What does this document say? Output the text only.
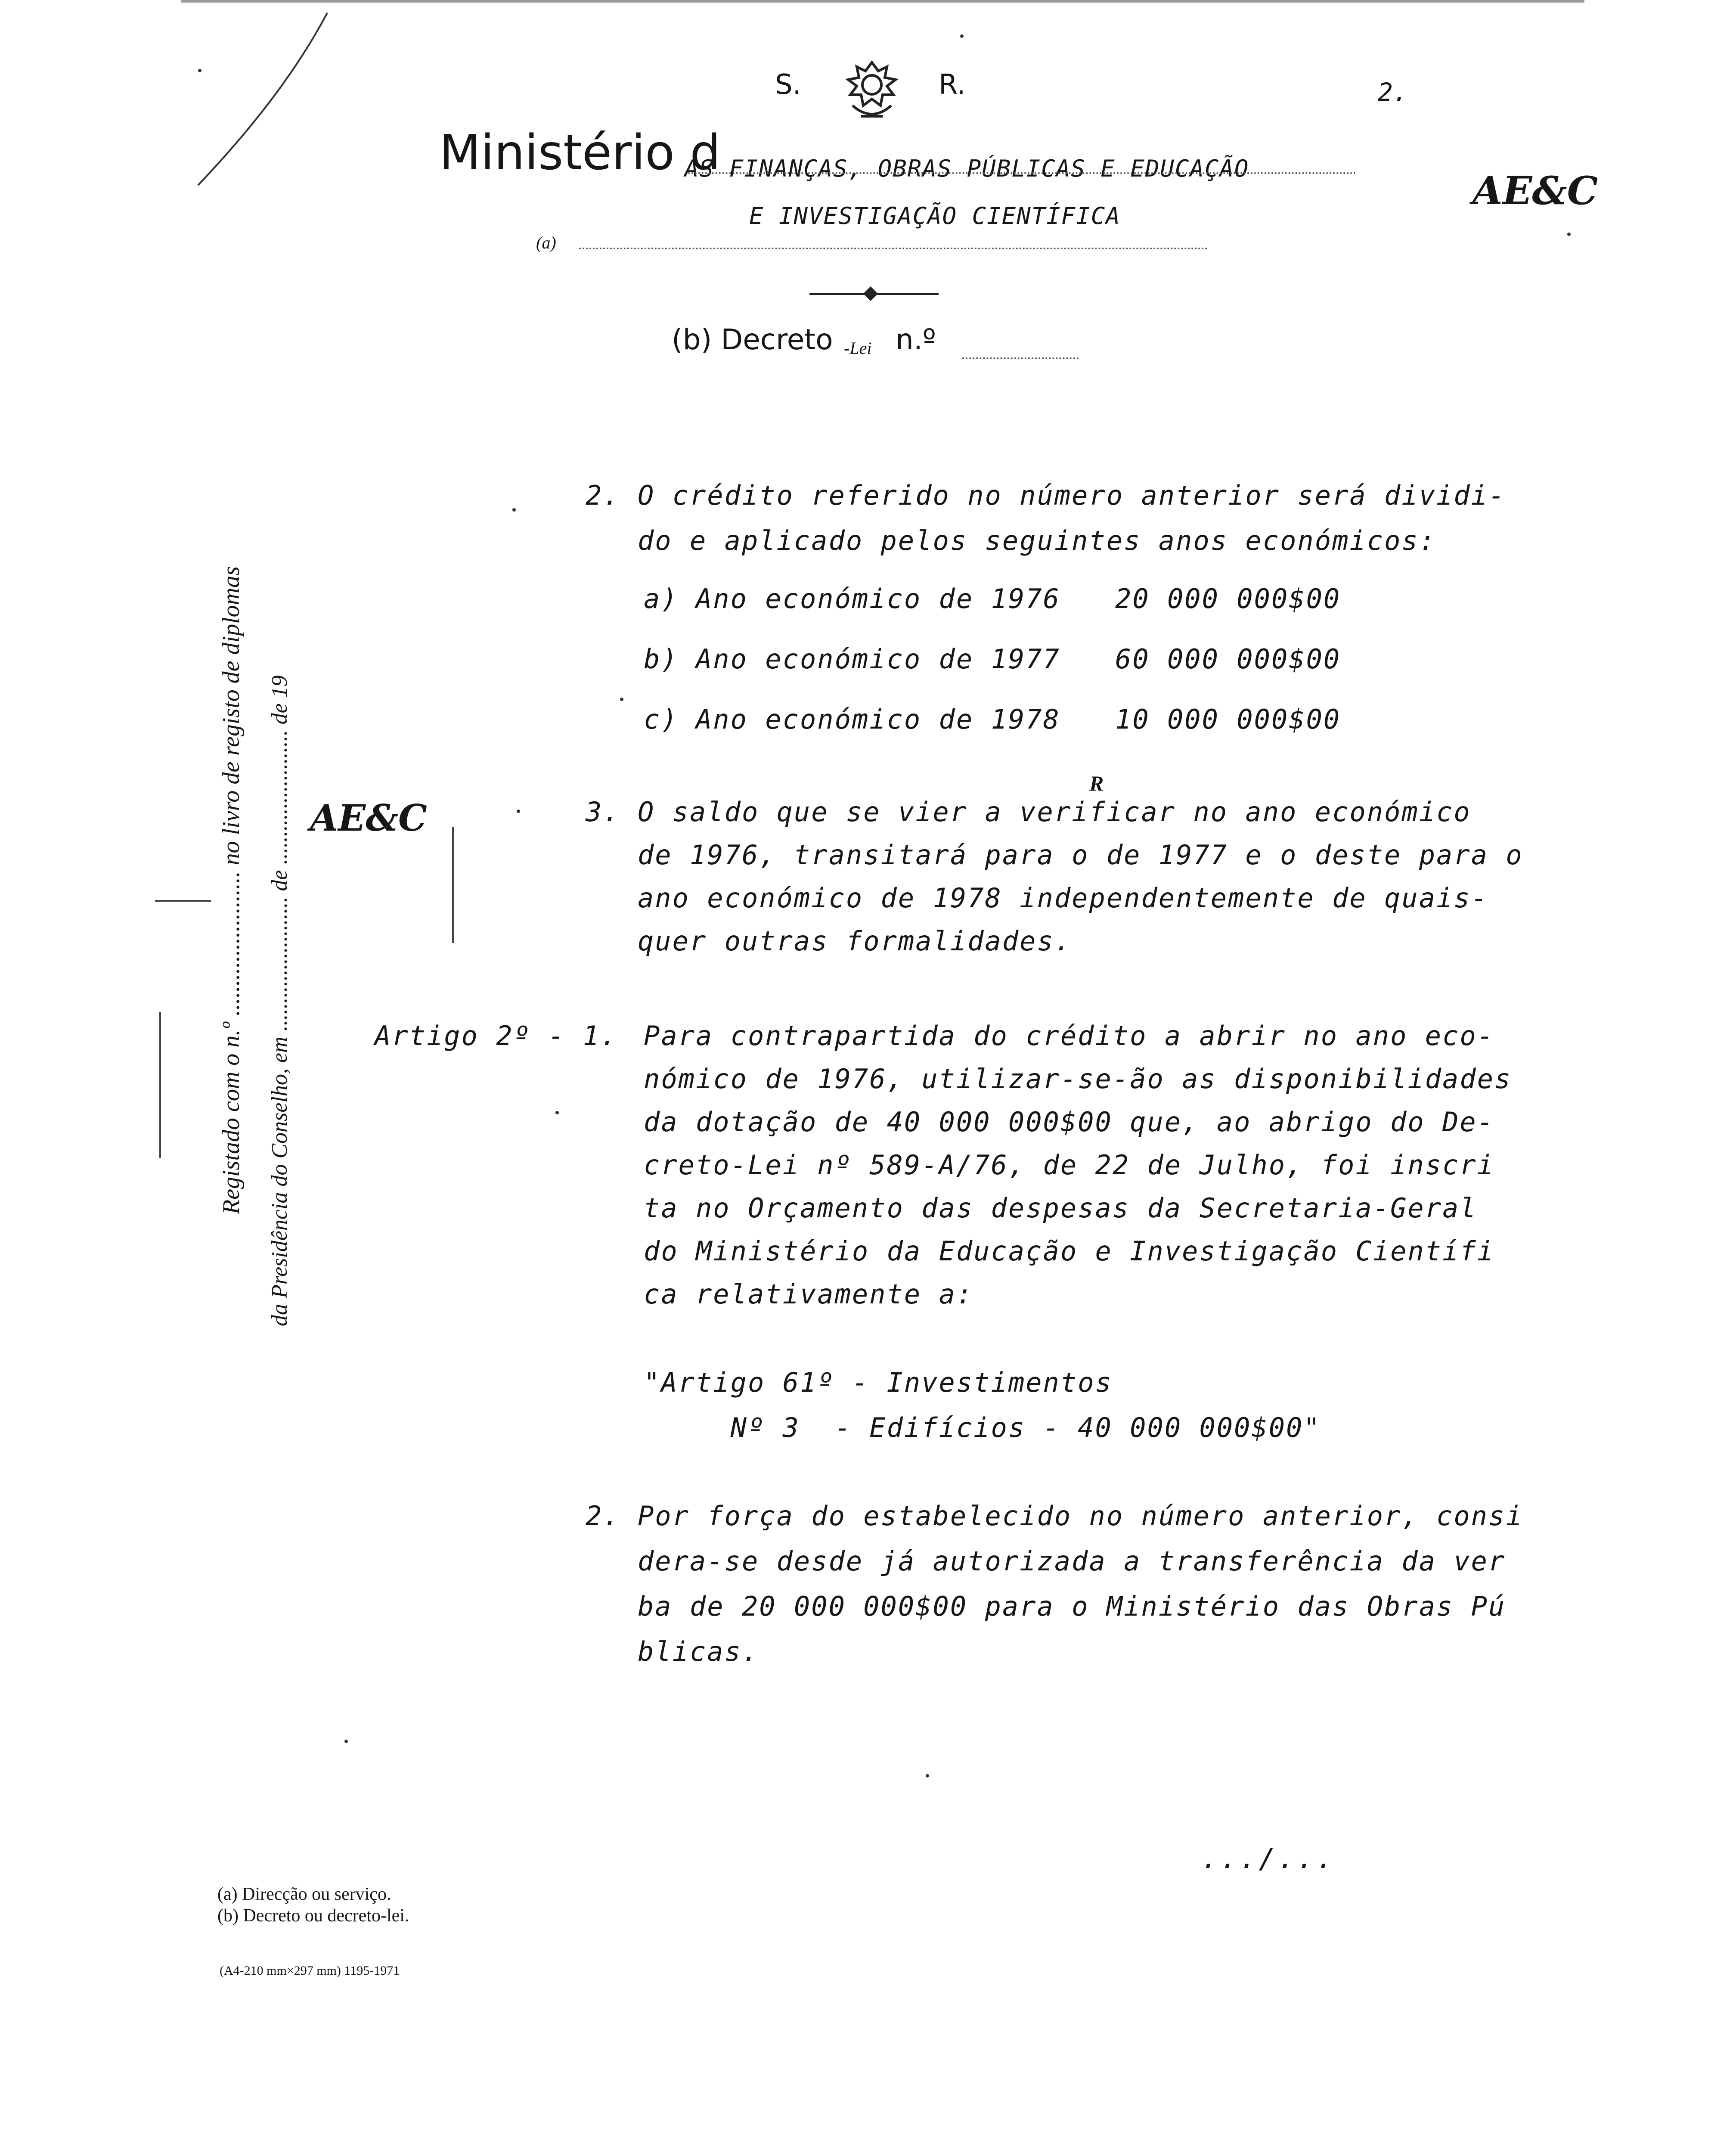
S.	R.	2.
Ministério d
AS FINANÇAS, OBRAS PÚBLICAS E EDUCAÇÃO
(a)
E INVESTIGAÇÃO CIENTÍFICA
AE&C
(b) Decreto -Lei n.º
2. O crédito referido no número anterior será dividi-
do e aplicado pelos seguintes anos económicos:
a) Ano económico de 1976 20 000 000$00
b) Ano económico de 1977 60 000 000$00
c) Ano económico de 1978 10 000 000$00
R
3. O saldo que se vier a verificar no ano económico
de 1976, transitará para o de 1977 e o deste para o
ano económico de 1978 independentemente de quais-
quer outras formalidades.
Artigo 2º - 1. Para contrapartida do crédito a abrir no ano eco-
nómico de 1976, utilizar-se-ão as disponibilidades
da dotação de 40 000 000$00 que, ao abrigo do De-
creto-Lei nº 589-A/76, de 22 de Julho, foi inscri
ta no Orçamento das despesas da Secretaria-Geral
do Ministério da Educação e Investigação Científi
ca relativamente a:
"Artigo 61º - Investimentos
Nº 3  - Edifícios - 40 000 000$00"
2. Por força do estabelecido no número anterior, consi
dera-se desde já autorizada a transferência da ver
ba de 20 000 000$00 para o Ministério das Obras Pú
blicas.
.../...
Registado com o n.º ........................ no livro de registo de diplomas da Presidência do Conselho, em ........................ de ........................ de 19 AE&C
(a) Direcção ou serviço.
(b) Decreto ou decreto-lei.
(A4-210 mm×297 mm) 1195-1971
